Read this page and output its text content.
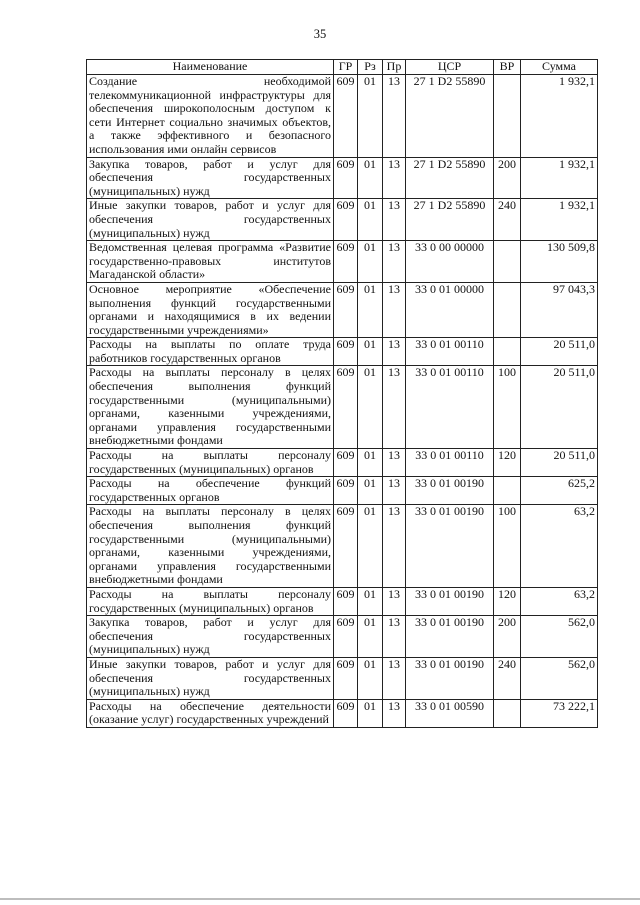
35
Наименование	ГР	Рз	Пр	ЦСР	ВР	Сумма
Создание необходимой телекоммуникационной инфраструктуры для обеспечения широкополосным доступом к сети Интернет социально значимых объектов, а также эффективного и безопасного использования ими онлайн сервисов	609	01	13	27 1 D2 55890		1 932,1
Закупка товаров, работ и услуг для обеспечения государственных (муниципальных) нужд	609	01	13	27 1 D2 55890	200	1 932,1
Иные закупки товаров, работ и услуг для обеспечения государственных (муниципальных) нужд	609	01	13	27 1 D2 55890	240	1 932,1
Ведомственная целевая программа «Развитие государственно-правовых институтов Магаданской области»	609	01	13	33 0 00 00000		130 509,8
Основное мероприятие «Обеспечение выполнения функций государственными органами и находящимися в их ведении государственными учреждениями»	609	01	13	33 0 01 00000		97 043,3
Расходы на выплаты по оплате труда работников государственных органов	609	01	13	33 0 01 00110		20 511,0
Расходы на выплаты персоналу в целях обеспечения выполнения функций государственными (муниципальными) органами, казенными учреждениями, органами управления государственными внебюджетными фондами	609	01	13	33 0 01 00110	100	20 511,0
Расходы на выплаты персоналу государственных (муниципальных) органов	609	01	13	33 0 01 00110	120	20 511,0
Расходы на обеспечение функций государственных органов	609	01	13	33 0 01 00190		625,2
Расходы на выплаты персоналу в целях обеспечения выполнения функций государственными (муниципальными) органами, казенными учреждениями, органами управления государственными внебюджетными фондами	609	01	13	33 0 01 00190	100	63,2
Расходы на выплаты персоналу государственных (муниципальных) органов	609	01	13	33 0 01 00190	120	63,2
Закупка товаров, работ и услуг для обеспечения государственных (муниципальных) нужд	609	01	13	33 0 01 00190	200	562,0
Иные закупки товаров, работ и услуг для обеспечения государственных (муниципальных) нужд	609	01	13	33 0 01 00190	240	562,0
Расходы на обеспечение деятельности (оказание услуг) государственных учреждений	609	01	13	33 0 01 00590		73 222,1
